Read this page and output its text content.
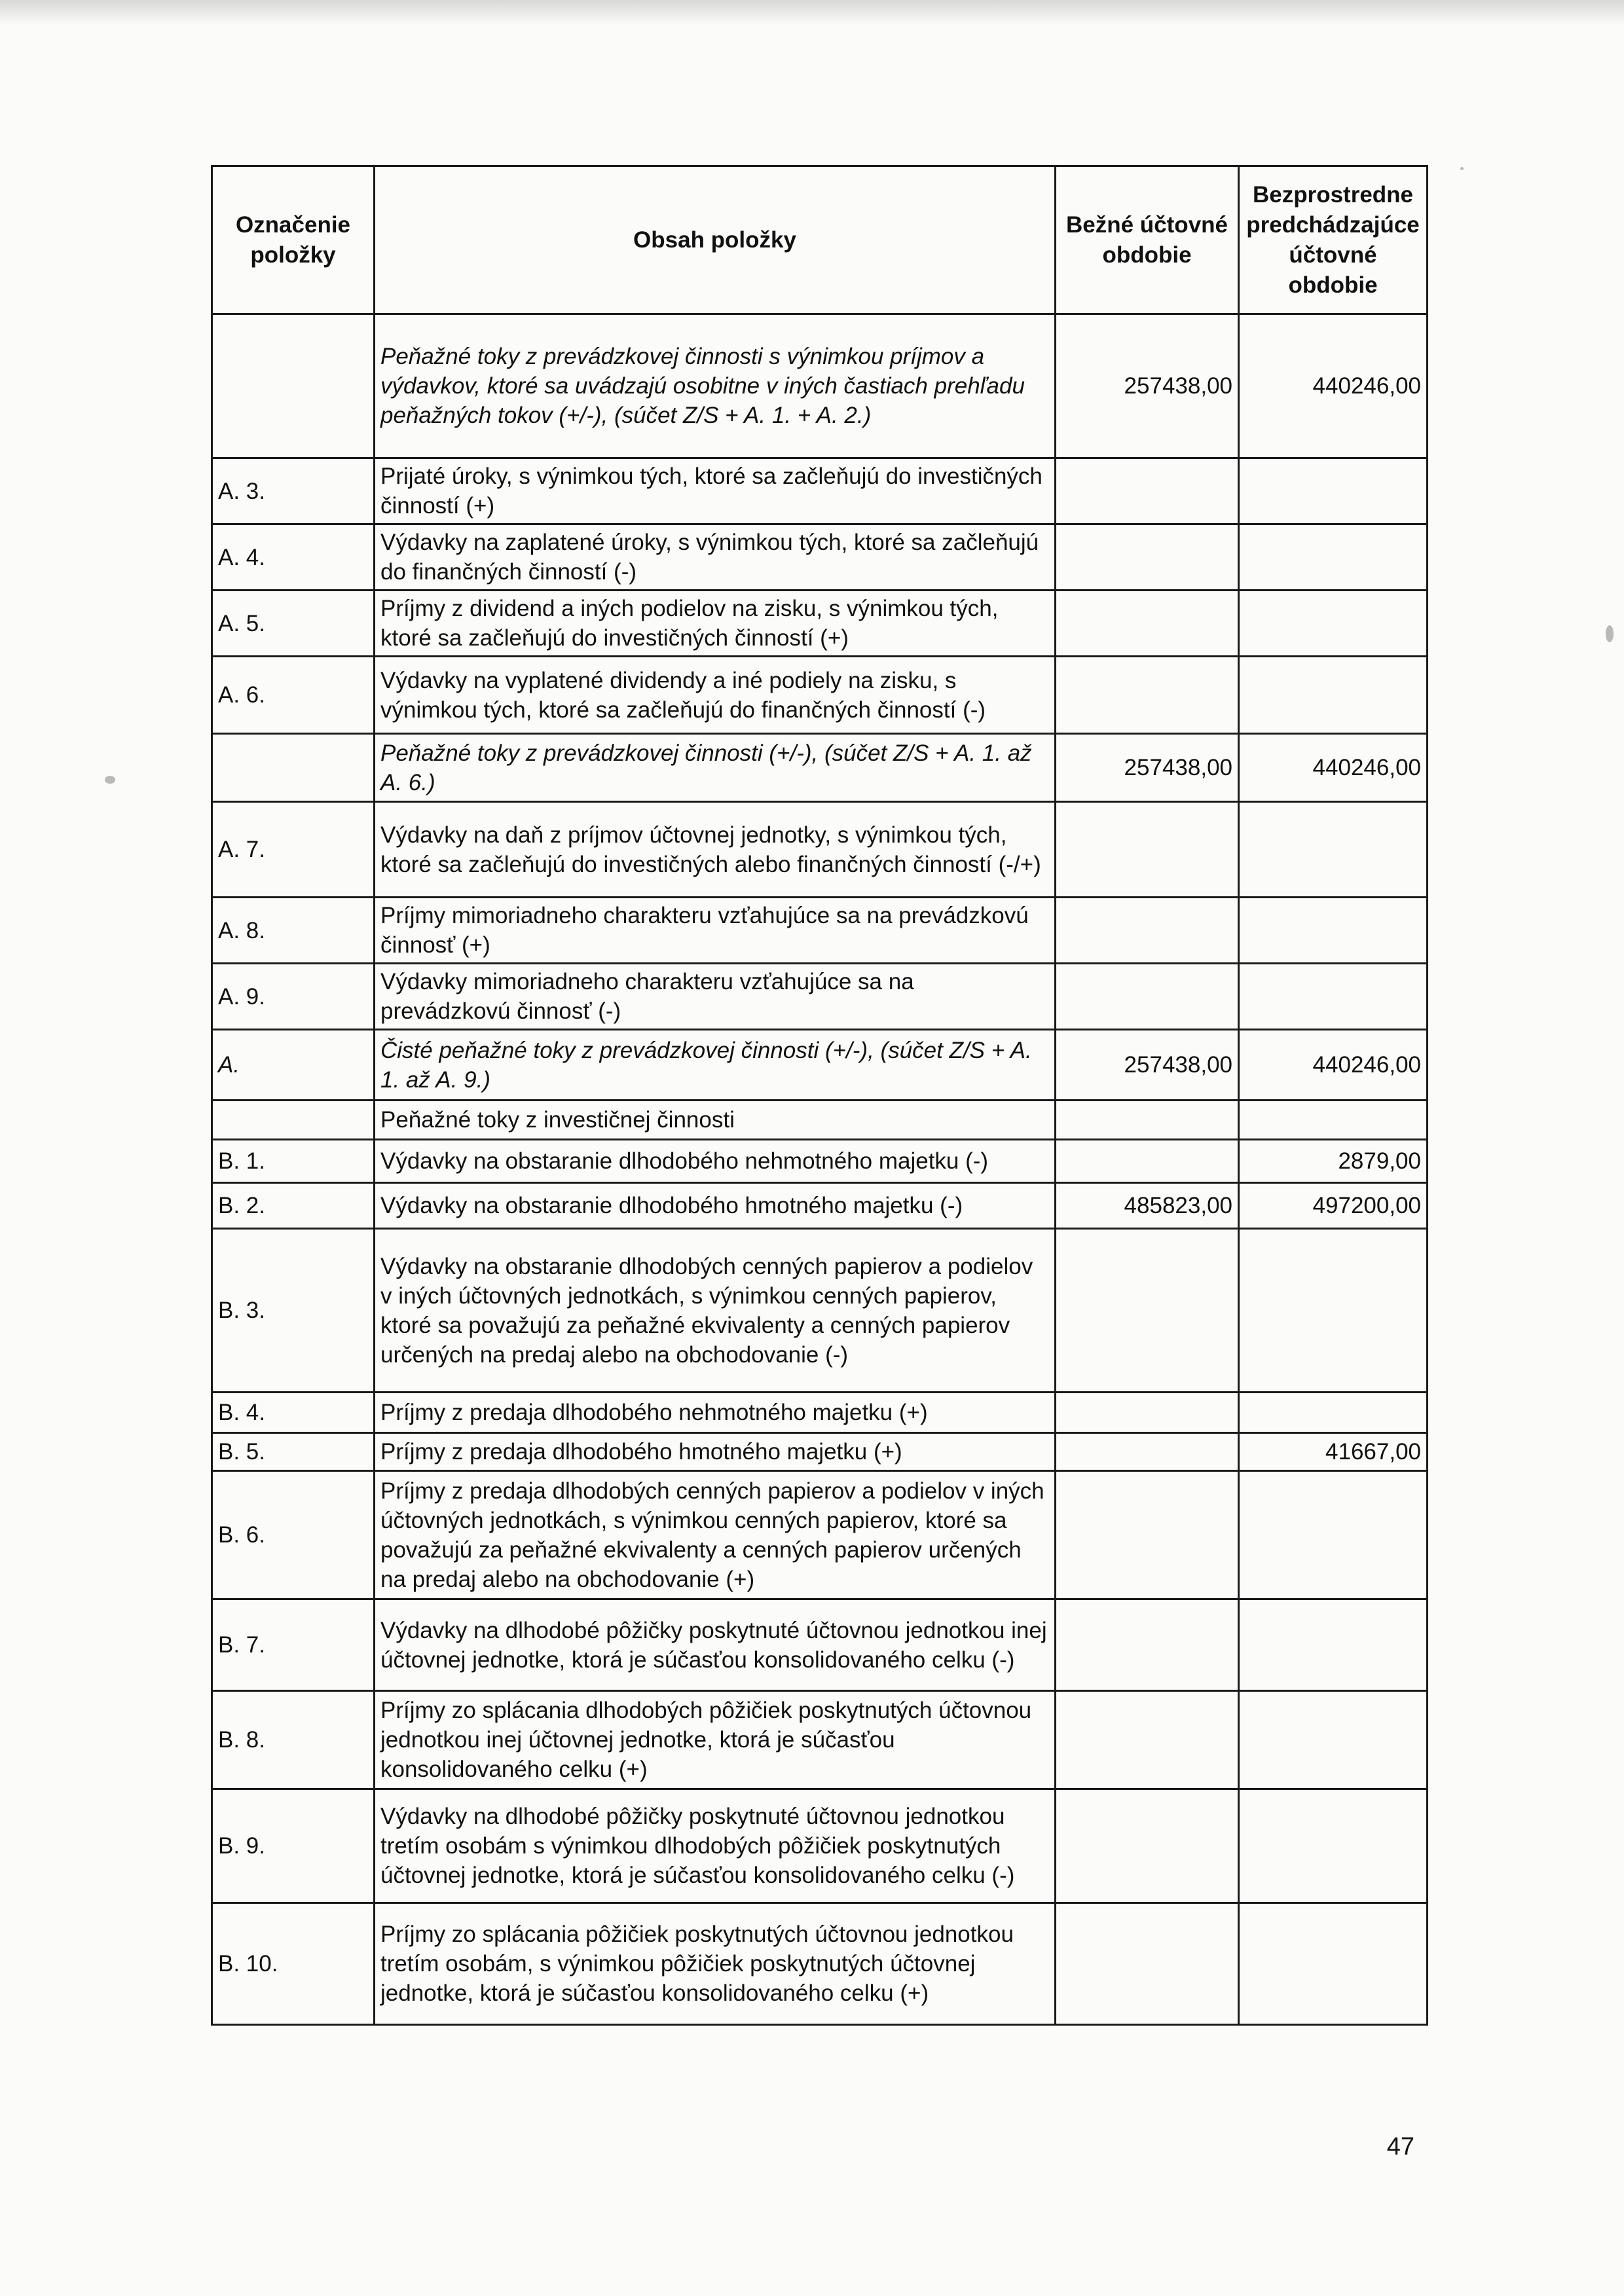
Označenie položky	Obsah položky	Bežné účtovné obdobie	Bezprostredne predchádzajúce účtovné obdobie
	Peňažné toky z prevádzkovej činnosti s výnimkou príjmov a výdavkov, ktoré sa uvádzajú osobitne v iných častiach prehľadu peňažných tokov (+/-), (súčet Z/S + A. 1. + A. 2.)	257438,00	440246,00
A. 3.	Prijaté úroky, s výnimkou tých, ktoré sa začleňujú do investičných činností (+)		
A. 4.	Výdavky na zaplatené úroky, s výnimkou tých, ktoré sa začleňujú do finančných činností (-)		
A. 5.	Príjmy z dividend a iných podielov na zisku, s výnimkou tých, ktoré sa začleňujú do investičných činností (+)		
A. 6.	Výdavky na vyplatené dividendy a iné podiely na zisku, s výnimkou tých, ktoré sa začleňujú do finančných činností (-)		
	Peňažné toky z prevádzkovej činnosti (+/-), (súčet Z/S + A. 1. až A. 6.)	257438,00	440246,00
A. 7.	Výdavky na daň z príjmov účtovnej jednotky, s výnimkou tých, ktoré sa začleňujú do investičných alebo finančných činností (-/+)		
A. 8.	Príjmy mimoriadneho charakteru vzťahujúce sa na prevádzkovú činnosť (+)		
A. 9.	Výdavky mimoriadneho charakteru vzťahujúce sa na prevádzkovú činnosť (-)		
A.	Čisté peňažné toky z prevádzkovej činnosti (+/-), (súčet Z/S + A. 1. až A. 9.)	257438,00	440246,00
	Peňažné toky z investičnej činnosti		
B. 1.	Výdavky na obstaranie dlhodobého nehmotného majetku (-)		2879,00
B. 2.	Výdavky na obstaranie dlhodobého hmotného majetku (-)	485823,00	497200,00
B. 3.	Výdavky na obstaranie dlhodobých cenných papierov a podielov v iných účtovných jednotkách, s výnimkou cenných papierov, ktoré sa považujú za peňažné ekvivalenty a cenných papierov určených na predaj alebo na obchodovanie (-)		
B. 4.	Príjmy z predaja dlhodobého nehmotného majetku (+)		
B. 5.	Príjmy z predaja dlhodobého hmotného majetku (+)		41667,00
B. 6.	Príjmy z predaja dlhodobých cenných papierov a podielov v iných účtovných jednotkách, s výnimkou cenných papierov, ktoré sa považujú za peňažné ekvivalenty a cenných papierov určených na predaj alebo na obchodovanie (+)		
B. 7.	Výdavky na dlhodobé pôžičky poskytnuté účtovnou jednotkou inej účtovnej jednotke, ktorá je súčasťou konsolidovaného celku (-)		
B. 8.	Príjmy zo splácania dlhodobých pôžičiek poskytnutých účtovnou jednotkou inej účtovnej jednotke, ktorá je súčasťou konsolidovaného celku (+)		
B. 9.	Výdavky na dlhodobé pôžičky poskytnuté účtovnou jednotkou tretím osobám s výnimkou dlhodobých pôžičiek poskytnutých účtovnej jednotke, ktorá je súčasťou konsolidovaného celku (-)		
B. 10.	Príjmy zo splácania pôžičiek poskytnutých účtovnou jednotkou tretím osobám, s výnimkou pôžičiek poskytnutých účtovnej jednotke, ktorá je súčasťou konsolidovaného celku (+)		
47
